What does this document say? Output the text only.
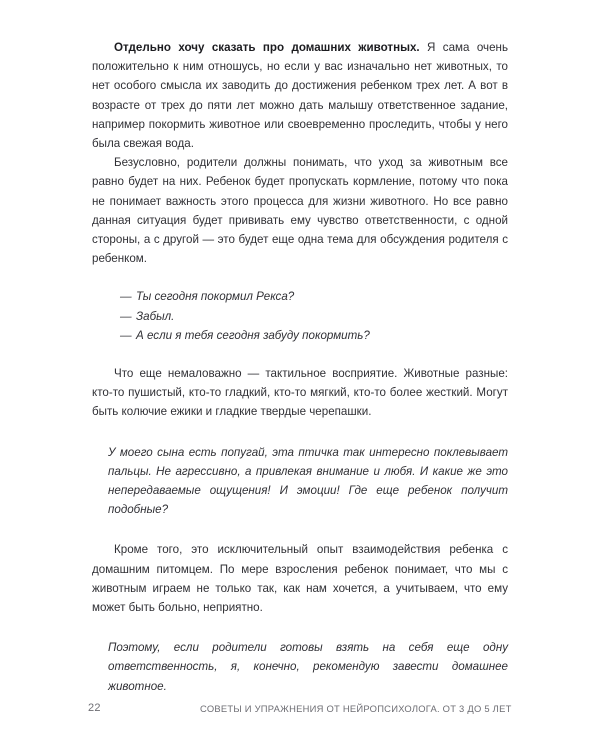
Отдельно хочу сказать про домашних животных. Я сама очень положительно к ним отношусь, но если у вас изначально нет животных, то нет особого смысла их заводить до достижения ребенком трех лет. А вот в возрасте от трех до пяти лет можно дать малышу ответственное задание, например покормить животное или своевременно проследить, чтобы у него была свежая вода.

Безусловно, родители должны понимать, что уход за животным все равно будет на них. Ребенок будет пропускать кормление, потому что пока не понимает важность этого процесса для жизни животного. Но все равно данная ситуация будет прививать ему чувство ответственности, с одной стороны, а с другой — это будет еще одна тема для обсуждения родителя с ребенком.

— Ты сегодня покормил Рекса?

— Забыл.

— А если я тебя сегодня забуду покормить?

Что еще немаловажно — тактильное восприятие. Животные разные: кто-то пушистый, кто-то гладкий, кто-то мягкий, кто-то более жесткий. Могут быть колючие ежики и гладкие твердые черепашки.

У моего сына есть попугай, эта птичка так интересно поклевывает пальцы. Не агрессивно, а привлекая внимание и любя. И какие же это непередаваемые ощущения! И эмоции! Где еще ребенок получит подобные?

Кроме того, это исключительный опыт взаимодействия ребенка с домашним питомцем. По мере взросления ребенок понимает, что мы с животным играем не только так, как нам хочется, а учитываем, что ему может быть больно, неприятно.

Поэтому, если родители готовы взять на себя еще одну ответственность, я, конечно, рекомендую завести домашнее животное.

22	СОВЕТЫ И УПРАЖНЕНИЯ ОТ НЕЙРОПСИХОЛОГА. ОТ 3 ДО 5 ЛЕТ
